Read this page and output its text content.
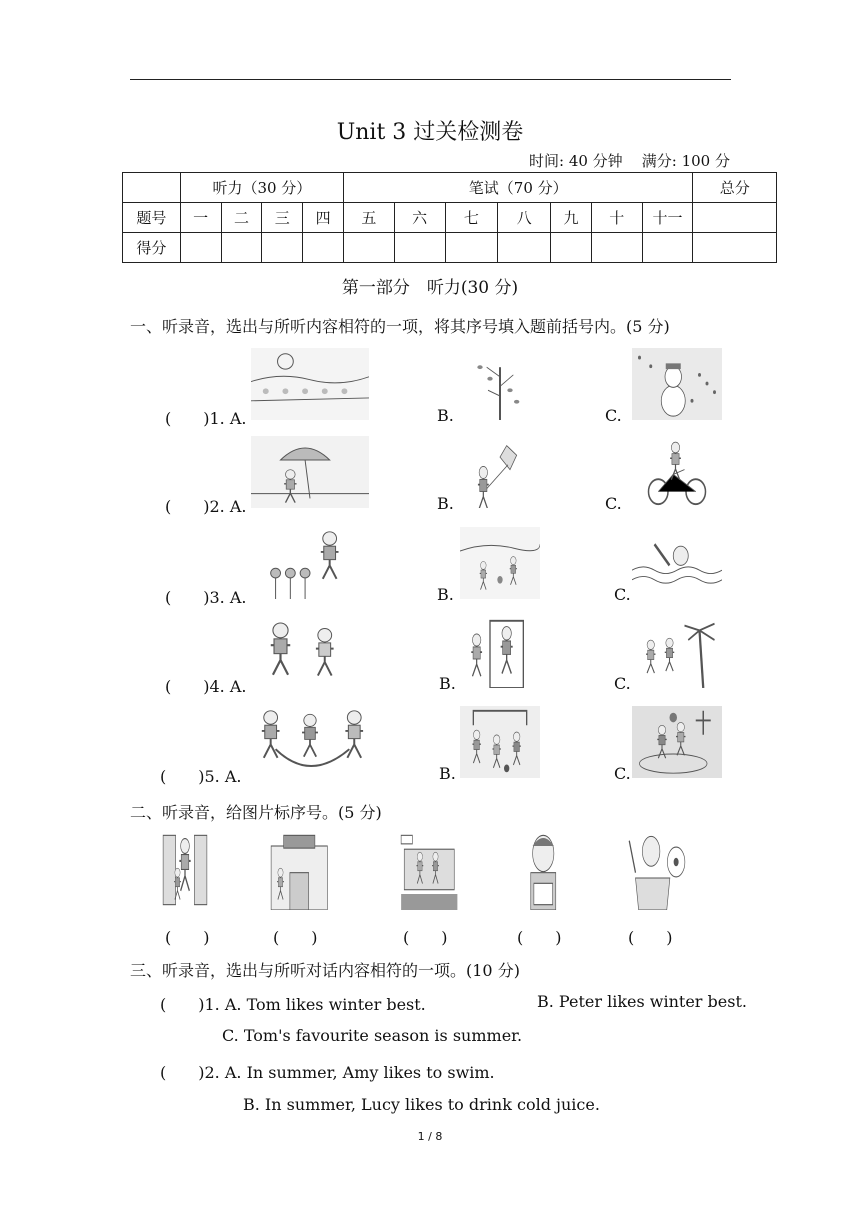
Unit 3 过关检测卷
时间: 40 分钟 满分: 100 分
	听力（30 分）				笔试（70 分）							总分
题号	一	二	三	四	五	六	七	八	九	十	十一	
得分												
第一部分　听力(30 分)
一、听录音，选出与所听内容相符的一项，将其序号填入题前括号内。(5 分)
(　　)1. A.	B.	C.
(　　)2. A.	B.	C.
(　　)3. A.	B.	C.
(　　)4. A.	B.	C.
(　　)5. A.	B.	C.
二、听录音，给图片标序号。(5 分)
(　　)	(　　)	(　　)	(　　)	(　　)
三、听录音，选出与所听对话内容相符的一项。(10 分)
(　　)1. A. Tom likes winter best.	B. Peter likes winter best.
C. Tom's favourite season is summer.
(　　)2. A. In summer, Amy likes to swim.
B. In summer, Lucy likes to drink cold juice.
1 / 8
